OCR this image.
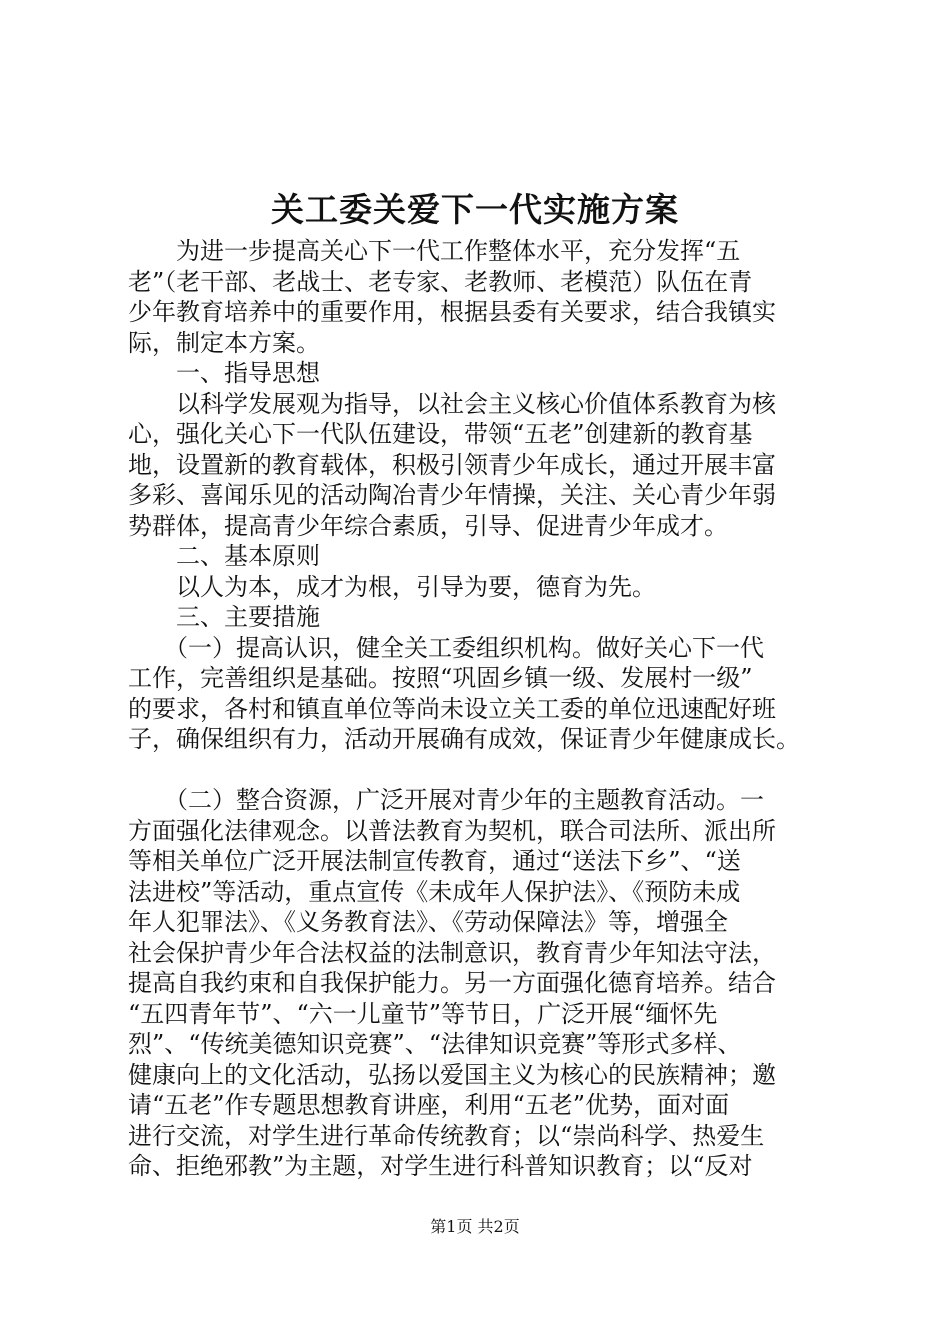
关工委关爱下一代实施方案
　　为进一步提高关心下一代工作整体水平，充分发挥“五
老”（老干部、老战士、老专家、老教师、老模范）队伍在青
少年教育培养中的重要作用，根据县委有关要求，结合我镇实
际，制定本方案。
　　一、指导思想
　　以科学发展观为指导，以社会主义核心价值体系教育为核
心，强化关心下一代队伍建设，带领“五老”创建新的教育基
地，设置新的教育载体，积极引领青少年成长，通过开展丰富
多彩、喜闻乐见的活动陶冶青少年情操，关注、关心青少年弱
势群体，提高青少年综合素质，引导、促进青少年成才。
　　二、基本原则
　　以人为本，成才为根，引导为要，德育为先。
　　三、主要措施
　　（一）提高认识，健全关工委组织机构。做好关心下一代
工作，完善组织是基础。按照“巩固乡镇一级、发展村一级”
的要求，各村和镇直单位等尚未设立关工委的单位迅速配好班
子，确保组织有力，活动开展确有成效，保证青少年健康成长。
　　（二）整合资源，广泛开展对青少年的主题教育活动。一
方面强化法律观念。以普法教育为契机，联合司法所、派出所
等相关单位广泛开展法制宣传教育，通过“送法下乡”、“送
法进校”等活动，重点宣传《未成年人保护法》、《预防未成
年人犯罪法》、《义务教育法》、《劳动保障法》等，增强全
社会保护青少年合法权益的法制意识，教育青少年知法守法，
提高自我约束和自我保护能力。另一方面强化德育培养。结合
“五四青年节”、“六一儿童节”等节日，广泛开展“缅怀先
烈”、“传统美德知识竞赛”、“法律知识竞赛”等形式多样、
健康向上的文化活动，弘扬以爱国主义为核心的民族精神；邀
请“五老”作专题思想教育讲座，利用“五老”优势，面对面
进行交流，对学生进行革命传统教育；以“崇尚科学、热爱生
命、拒绝邪教”为主题，对学生进行科普知识教育；以“反对
第1页 共2页
